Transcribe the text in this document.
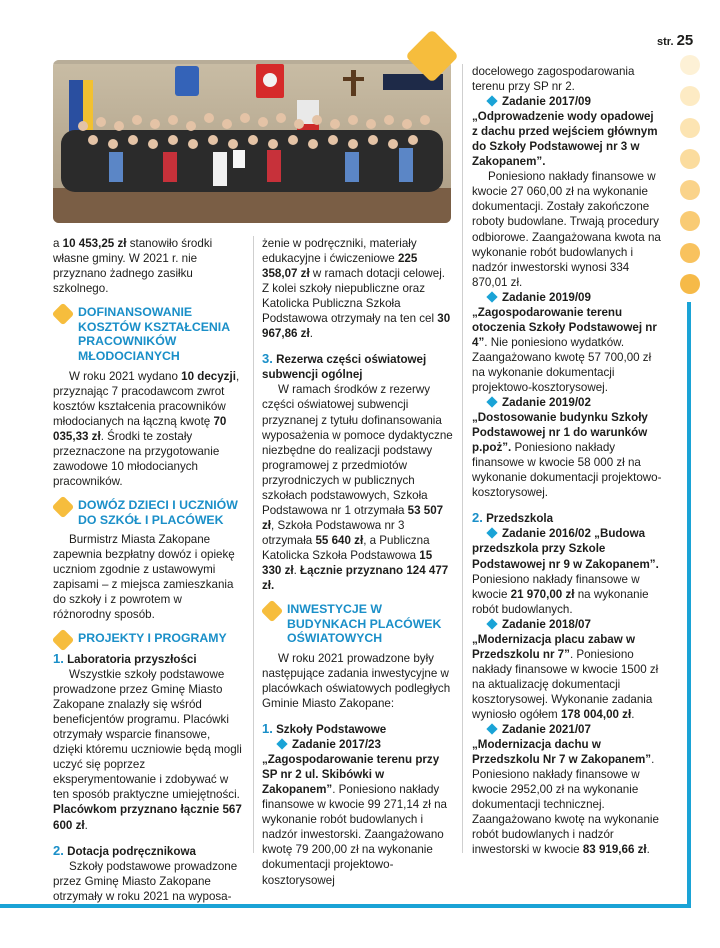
str. 25

a 10 453,25 zł stanowiło środki własne gminy. W 2021 r. nie przyznano żadnego zasiłku szkolnego.

DOFINANSOWANIE KOSZTÓW KSZTAŁCENIA PRACOWNIKÓW MŁODOCIANYCH

W roku 2021 wydano 10 decyzji, przyznając 7 pracodawcom zwrot kosztów kształcenia pracowników młodocianych na łączną kwotę 70 035,33 zł. Środki te zostały przeznaczone na przygotowanie zawodowe 10 młodocianych pracowników.

DOWÓZ DZIECI I UCZNIÓW DO SZKÓŁ I PLACÓWEK

Burmistrz Miasta Zakopane zapewnia bezpłatny dowóz i opiekę uczniom zgodnie z ustawowymi zapisami – z miejsca zamieszkania do szkoły i z powrotem w różnorodny sposób.

PROJEKTY I PROGRAMY
1. Laboratoria przyszłości

Wszystkie szkoły podstawowe prowadzone przez Gminę Miasto Zakopane znalazły się wśród beneficjentów programu. Placówki otrzymały wsparcie finansowe, dzięki któremu uczniowie będą mogli uczyć się poprzez eksperymentowanie i zdobywać w ten sposób praktyczne umiejętności. Placówkom przyznano łącznie 567 600 zł.

2. Dotacja podręcznikowa

Szkoły podstawowe prowadzone przez Gminę Miasto Zakopane otrzymały w roku 2021 na wyposa-

żenie w podręczniki, materiały edukacyjne i ćwiczeniowe 225 358,07 zł w ramach dotacji celowej. Z kolei szkoły niepubliczne oraz Katolicka Publiczna Szkoła Podstawowa otrzymały na ten cel 30 967,86 zł.

3. Rezerwa części oświatowej subwencji ogólnej

W ramach środków z rezerwy części oświatowej subwencji przyznanej z tytułu dofinansowania wyposażenia w pomoce dydaktyczne niezbędne do realizacji podstawy programowej z przedmiotów przyrodniczych w publicznych szkołach podstawowych, Szkoła Podstawowa nr 1 otrzymała 53 507 zł, Szkoła Podstawowa nr 3 otrzymała 55 640 zł, a Publiczna Katolicka Szkoła Podstawowa 15 330 zł. Łącznie przyznano 124 477 zł.

INWESTYCJE W BUDYNKACH PLACÓWEK OŚWIATOWYCH

W roku 2021 prowadzone były następujące zadania inwestycyjne w placówkach oświatowych podległych Gminie Miasto Zakopane:

1. Szkoły Podstawowe

Zadanie 2017/23 „Zagospodarowanie terenu przy SP nr 2 ul. Skibówki w Zakopanem”. Poniesiono nakłady finansowe w kwocie 99 271,14 zł na wykonanie robót budowlanych i nadzór inwestorski. Zaangażowano kwotę 79 200,00 zł na wykonanie dokumentacji projektowo-kosztorysowej

docelowego zagospodarowania terenu przy SP nr 2.

Zadanie 2017/09 „Odprowadzenie wody opadowej z dachu przed wejściem głównym do Szkoły Podstawowej nr 3 w Zakopanem”.

Poniesiono nakłady finansowe w kwocie 27 060,00 zł na wykonanie dokumentacji. Zostały zakończone roboty budowlane. Trwają procedury odbiorowe. Zaangażowana kwota na wykonanie robót budowlanych i nadzór inwestorski wynosi 334 870,01 zł.

Zadanie 2019/09 „Zagospodarowanie terenu otoczenia Szkoły Podstawowej nr 4”. Nie poniesiono wydatków. Zaangażowano kwotę 57 700,00 zł na wykonanie dokumentacji projektowo-kosztorysowej.

Zadanie 2019/02 „Dostosowanie budynku Szkoły Podstawowej nr 1 do warunków p.poż”. Poniesiono nakłady finansowe w kwocie 58 000 zł na wykonanie dokumentacji projektowo-kosztorysowej.

2. Przedszkola

Zadanie 2016/02 „Budowa przedszkola przy Szkole Podstawowej nr 9 w Zakopanem”. Poniesiono nakłady finansowe w kwocie 21 970,00 zł na wykonanie robót budowlanych.

Zadanie 2018/07 „Modernizacja placu zabaw w Przedszkolu nr 7”. Poniesiono nakłady finansowe w kwocie 1500 zł na aktualizację dokumentacji kosztorysowej. Wykonanie zadania wyniosło ogółem 178 004,00 zł.

Zadanie 2021/07 „Modernizacja dachu w Przedszkolu Nr 7 w Zakopanem”. Poniesiono nakłady finansowe w kwocie 2952,00 zł na wykonanie dokumentacji technicznej. Zaangażowano kwotę na wykonanie robót budowlanych i nadzór inwestorski w kwocie 83 919,66 zł.
